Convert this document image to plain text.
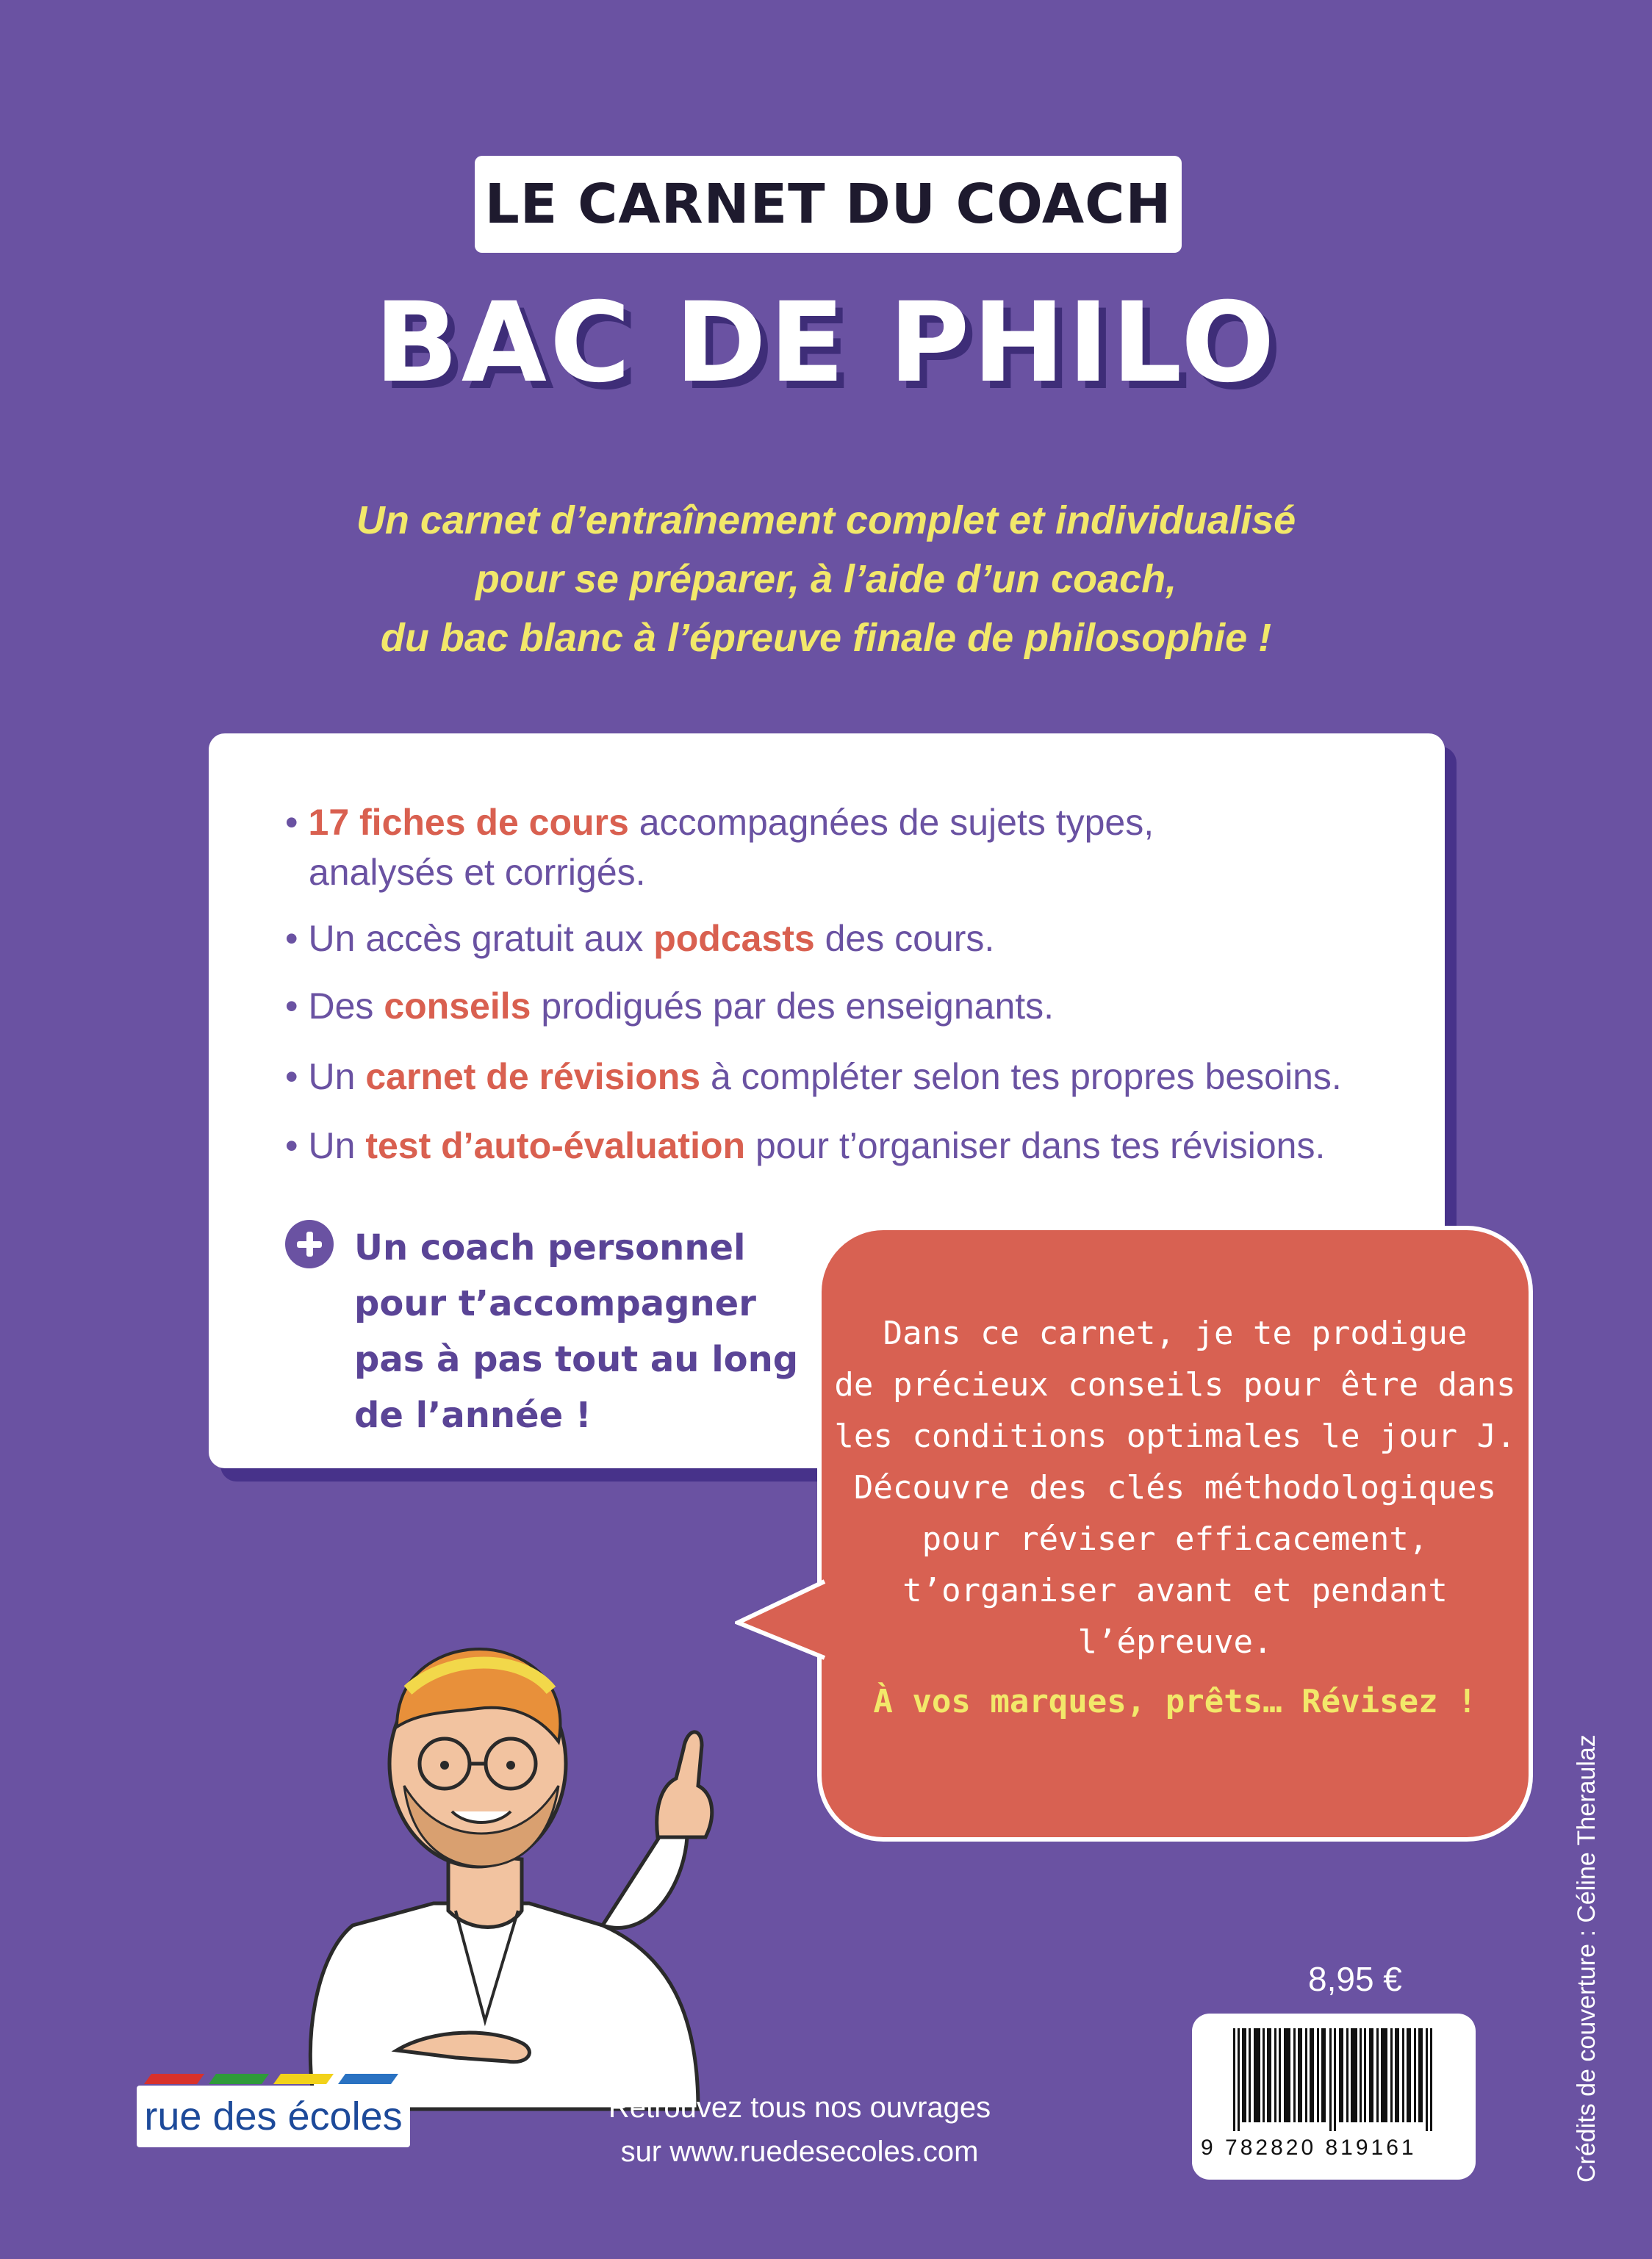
LE CARNET DU COACH
BAC DE PHILO
Un carnet d’entraînement complet et individualisé
pour se préparer, à l’aide d’un coach,
du bac blanc à l’épreuve finale de philosophie !
• 17 fiches de cours accompagnées de sujets types,
analysés et corrigés.
• Un accès gratuit aux podcasts des cours.
• Des conseils prodigués par des enseignants.
• Un carnet de révisions à compléter selon tes propres besoins.
• Un test d’auto-évaluation pour t’organiser dans tes révisions.
Un coach personnel
pour t’accompagner
pas à pas tout au long
de l’année !
Dans ce carnet, je te prodigue
de précieux conseils pour être dans
les conditions optimales le jour J.
Découvre des clés méthodologiques
pour réviser efficacement,
t’organiser avant et pendant
l’épreuve.
À vos marques, prêts… Révisez !
8,95 €
9 782820 819161	Crédits de couverture : Céline Theraulaz
rue des écoles	Retrouvez tous nos ouvrages
sur www.ruedesecoles.com
